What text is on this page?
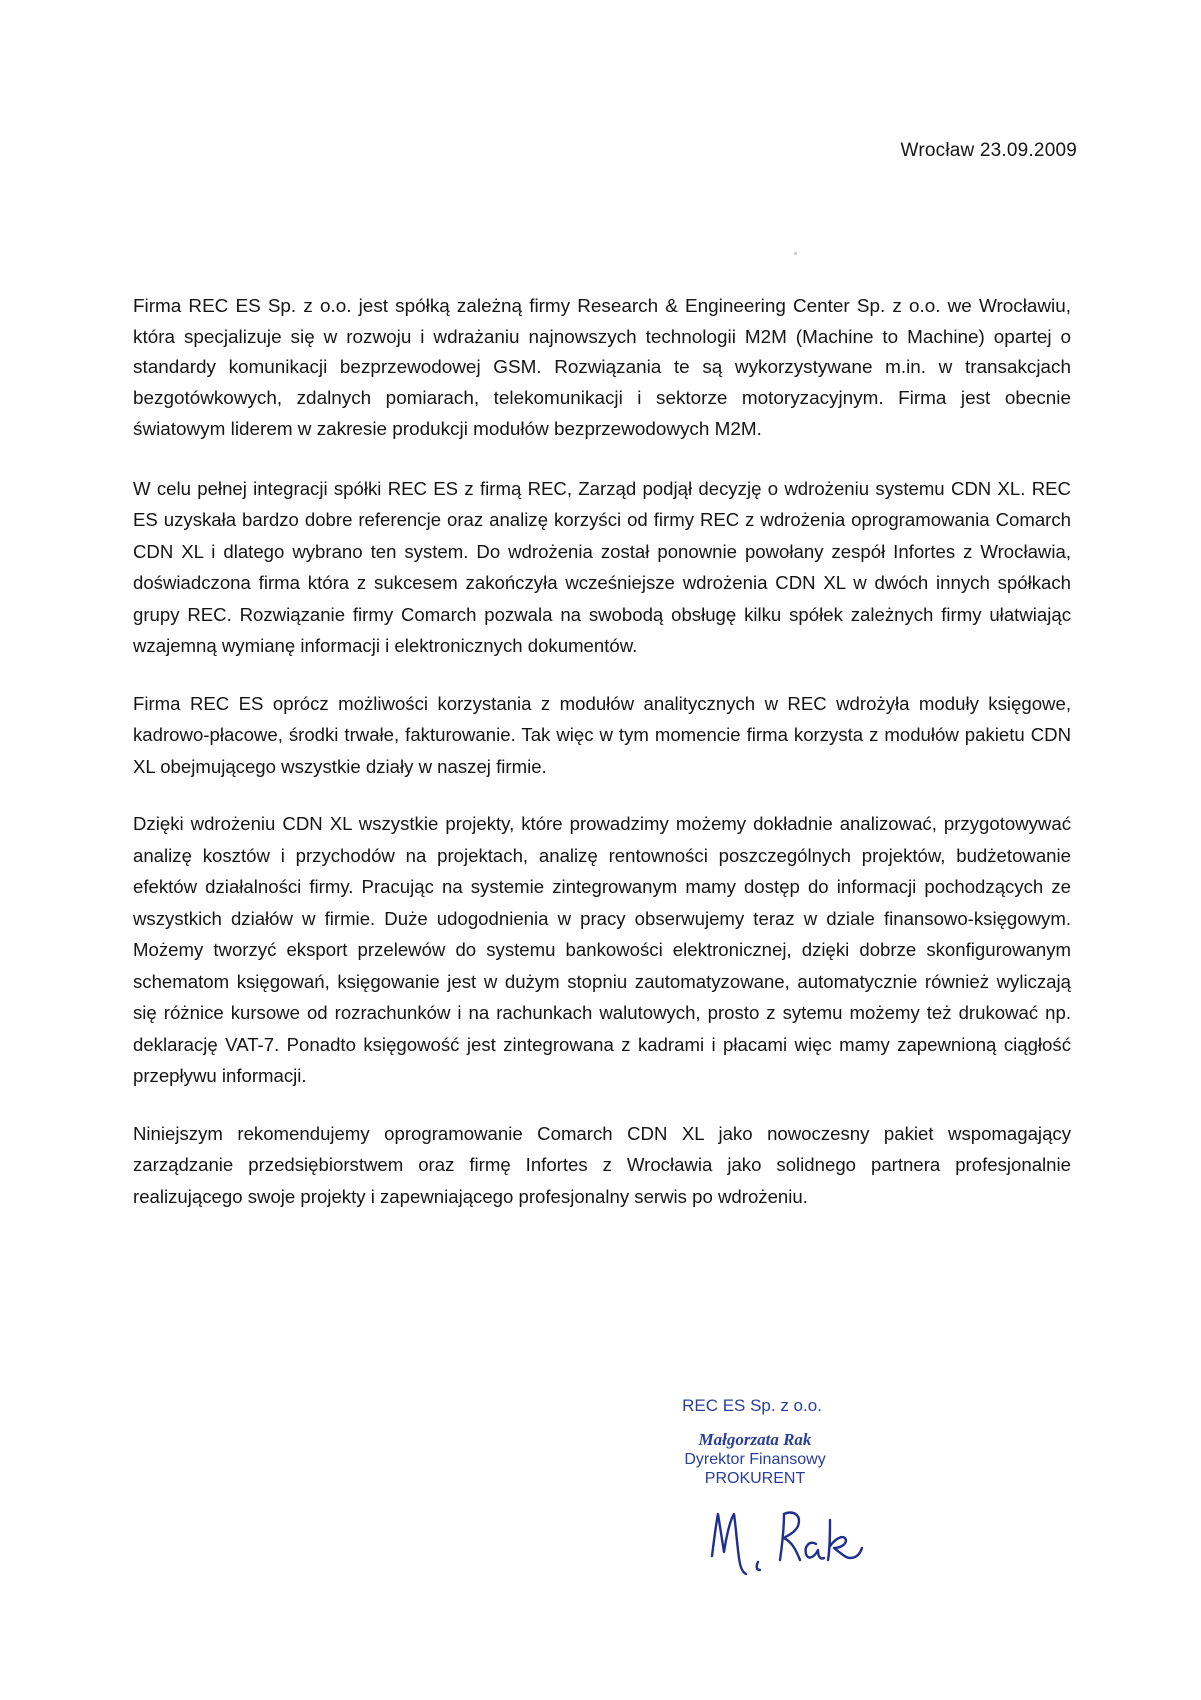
Wrocław 23.09.2009

Firma REC ES Sp. z o.o. jest spółką zależną firmy Research & Engineering Center Sp. z o.o. we Wrocławiu, która specjalizuje się w rozwoju i wdrażaniu najnowszych technologii M2M (Machine to Machine) opartej o standardy komunikacji bezprzewodowej GSM. Rozwiązania te są wykorzystywane m.in. w transakcjach bezgotówkowych, zdalnych pomiarach, telekomunikacji i sektorze motoryzacyjnym. Firma jest obecnie światowym liderem w zakresie produkcji modułów bezprzewodowych M2M.

W celu pełnej integracji spółki REC ES z firmą REC, Zarząd podjął decyzję o wdrożeniu systemu CDN XL. REC ES uzyskała bardzo dobre referencje oraz analizę korzyści od firmy REC z wdrożenia oprogramowania Comarch CDN XL i dlatego wybrano ten system. Do wdrożenia został ponownie powołany zespół Infortes z Wrocławia, doświadczona firma która z sukcesem zakończyła wcześniejsze wdrożenia CDN XL w dwóch innych spółkach grupy REC. Rozwiązanie firmy Comarch pozwala na swobodą obsługę kilku spółek zależnych firmy ułatwiając wzajemną wymianę informacji i elektronicznych dokumentów.

Firma REC ES oprócz możliwości korzystania z modułów analitycznych w REC wdrożyła moduły księgowe, kadrowo-płacowe, środki trwałe, fakturowanie. Tak więc w tym momencie firma korzysta z modułów pakietu CDN XL obejmującego wszystkie działy w naszej firmie.

Dzięki wdrożeniu CDN XL wszystkie projekty, które prowadzimy możemy dokładnie analizować, przygotowywać analizę kosztów i przychodów na projektach, analizę rentowności poszczególnych projektów, budżetowanie efektów działalności firmy. Pracując na systemie zintegrowanym mamy dostęp do informacji pochodzących ze wszystkich działów w firmie. Duże udogodnienia w pracy obserwujemy teraz w dziale finansowo-księgowym. Możemy tworzyć eksport przelewów do systemu bankowości elektronicznej, dzięki dobrze skonfigurowanym schematom księgowań, księgowanie jest w dużym stopniu zautomatyzowane, automatycznie również wyliczają się różnice kursowe od rozrachunków i na rachunkach walutowych, prosto z sytemu możemy też drukować np. deklarację VAT-7. Ponadto księgowość jest zintegrowana z kadrami i płacami więc mamy zapewnioną ciągłość przepływu informacji.

Niniejszym rekomendujemy oprogramowanie Comarch CDN XL jako nowoczesny pakiet wspomagający zarządzanie przedsiębiorstwem oraz firmę Infortes z Wrocławia jako solidnego partnera profesjonalnie realizującego swoje projekty i zapewniającego profesjonalny serwis po wdrożeniu.

REC ES Sp. z o.o.
Małgorzata Rak
Dyrektor Finansowy
PROKURENT
